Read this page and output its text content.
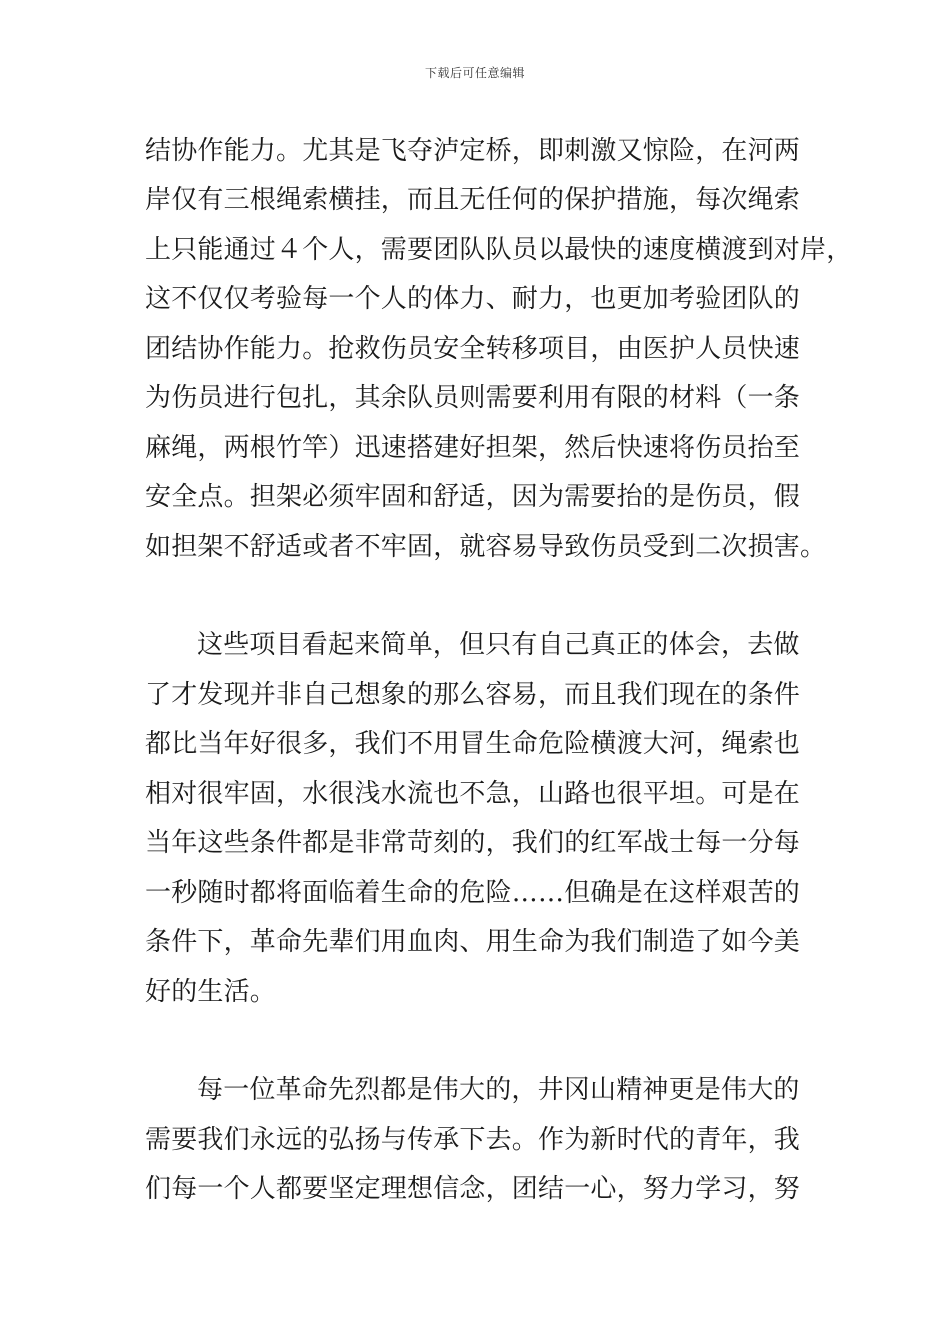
下载后可任意编辑
结协作能力。尤其是飞夺泸定桥，即刺激又惊险，在河两
岸仅有三根绳索横挂，而且无任何的保护措施，每次绳索
上只能通过４个人，需要团队队员以最快的速度横渡到对岸，
这不仅仅考验每一个人的体力、耐力，也更加考验团队的
团结协作能力。抢救伤员安全转移项目，由医护人员快速
为伤员进行包扎，其余队员则需要利用有限的材料（一条
麻绳，两根竹竿）迅速搭建好担架，然后快速将伤员抬至
安全点。担架必须牢固和舒适，因为需要抬的是伤员，假
如担架不舒适或者不牢固，就容易导致伤员受到二次损害。
这些项目看起来简单，但只有自己真正的体会，去做
了才发现并非自己想象的那么容易，而且我们现在的条件
都比当年好很多，我们不用冒生命危险横渡大河，绳索也
相对很牢固，水很浅水流也不急，山路也很平坦。可是在
当年这些条件都是非常苛刻的，我们的红军战士每一分每
一秒随时都将面临着生命的危险……但确是在这样艰苦的
条件下，革命先辈们用血肉、用生命为我们制造了如今美
好的生活。
每一位革命先烈都是伟大的，井冈山精神更是伟大的
需要我们永远的弘扬与传承下去。作为新时代的青年，我
们每一个人都要坚定理想信念，团结一心，努力学习，努
